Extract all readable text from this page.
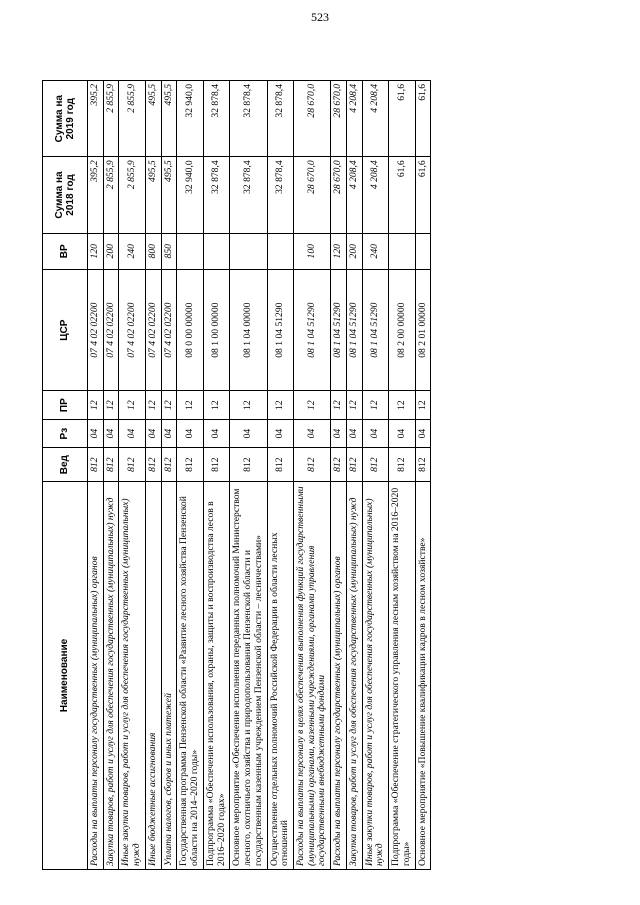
523
Наименование	Вед	Рз	ПР	ЦСР	ВР	Сумма на 2018 год	Сумма на 2019 год
Расходы на выплаты персоналу государственных (муниципальных) органов	812	04	12	07 4 02 02200	120	395,2	395,2
Закупка товаров, работ и услуг для обеспечения государственных (муниципальных) нужд	812	04	12	07 4 02 02200	200	2 855,9	2 855,9
Иные закупки товаров, работ и услуг для обеспечения государственных (муниципальных) нужд	812	04	12	07 4 02 02200	240	2 855,9	2 855,9
Иные бюджетные ассигнования	812	04	12	07 4 02 02200	800	495,5	495,5
Уплата налогов, сборов и иных платежей	812	04	12	07 4 02 02200	850	495,5	495,5
Государственная программа Пензенской области «Развитие лесного хозяйства Пензенской области на 2014–2020 годы»	812	04	12	08 0 00 00000		32 940,0	32 940,0
Подпрограмма «Обеспечение использования, охраны, защиты и воспроизводства лесов в 2016–2020 годах»	812	04	12	08 1 00 00000		32 878,4	32 878,4
Основное мероприятие «Обеспечение исполнения переданных полномочий Министерством лесного, охотничьего хозяйства и природопользования Пензенской области и государственным казенным учреждением Пензенской области – лесничествами»	812	04	12	08 1 04 00000		32 878,4	32 878,4
Осуществление отдельных полномочий Российской Федерации в области лесных отношений	812	04	12	08 1 04 51290		32 878,4	32 878,4
Расходы на выплаты персоналу в целях обеспечения выполнения функций государственными (муниципальными) органами, казенными учреждениями, органами управления государственными внебюджетными фондами	812	04	12	08 1 04 51290	100	28 670,0	28 670,0
Расходы на выплаты персоналу государственных (муниципальных) органов	812	04	12	08 1 04 51290	120	28 670,0	28 670,0
Закупка товаров, работ и услуг для обеспечения государственных (муниципальных) нужд	812	04	12	08 1 04 51290	200	4 208,4	4 208,4
Иные закупки товаров, работ и услуг для обеспечения государственных (муниципальных) нужд	812	04	12	08 1 04 51290	240	4 208,4	4 208,4
Подпрограмма «Обеспечение стратегического управления лесным хозяйством на 2016–2020 годы»	812	04	12	08 2 00 00000		61,6	61,6
Основное мероприятие «Повышение квалификации кадров в лесном хозяйстве»	812	04	12	08 2 01 00000		61,6	61,6
